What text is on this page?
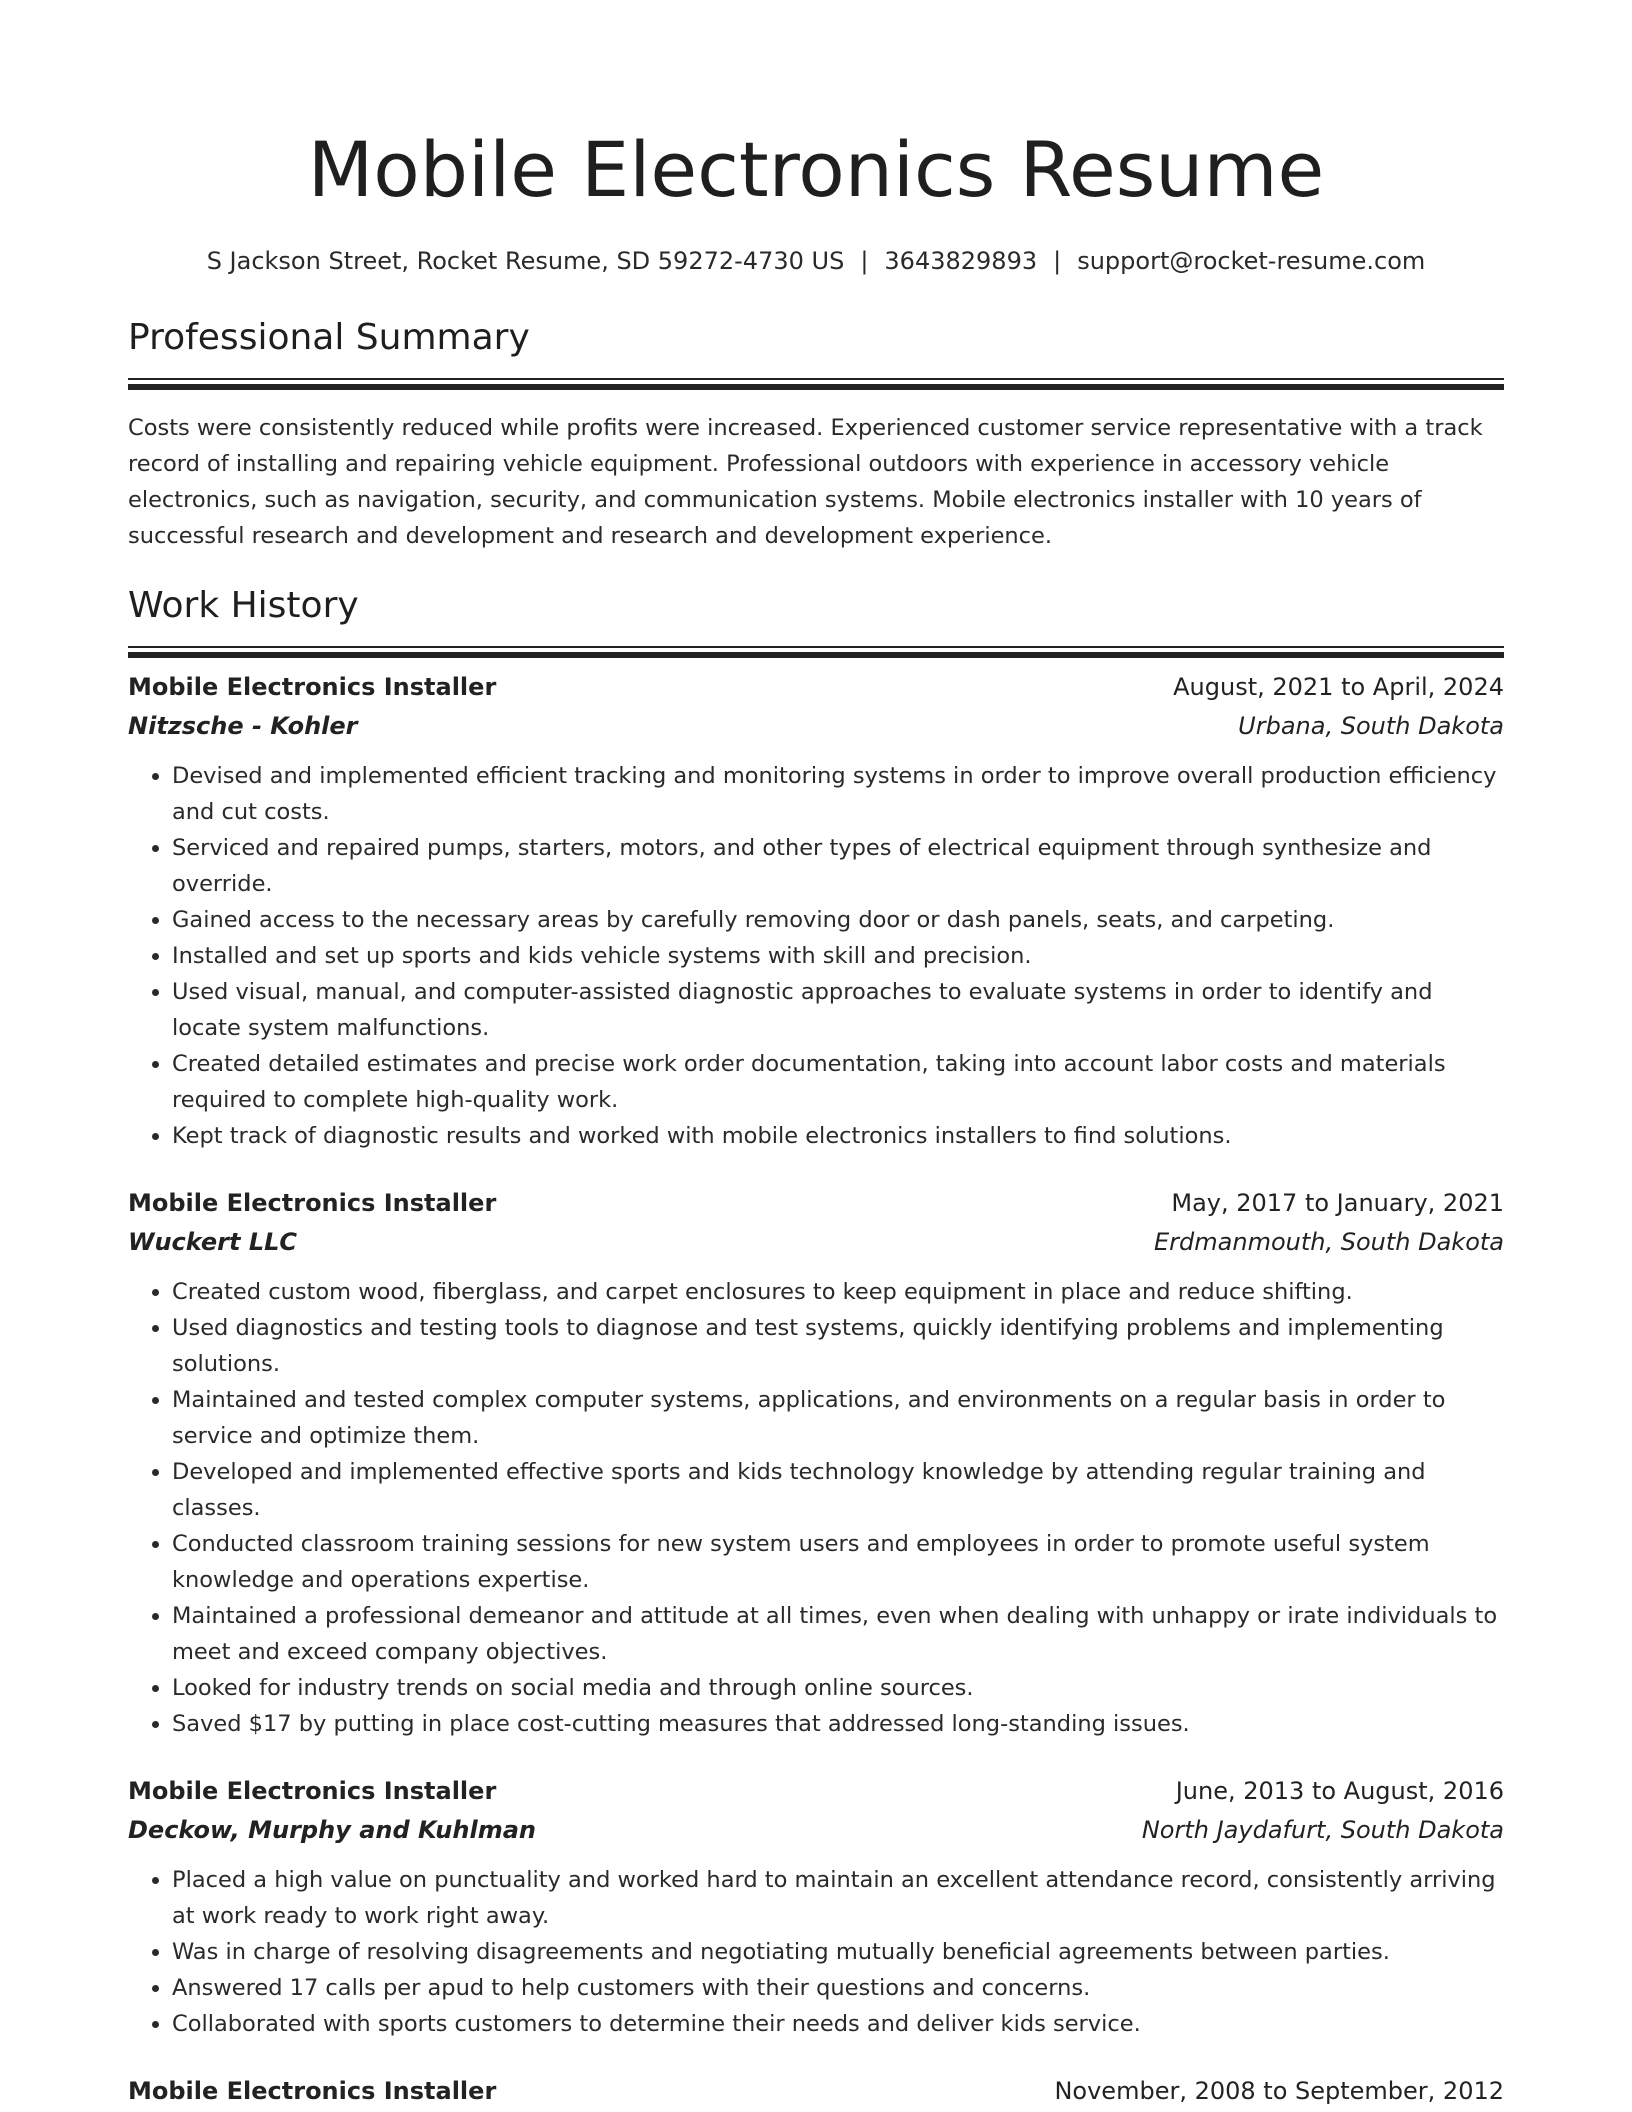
Mobile Electronics Resume
S Jackson Street, Rocket Resume, SD 59272-4730 US | 3643829893 | support@rocket-resume.com
Professional Summary
Costs were consistently reduced while profits were increased. Experienced customer service representative with a track record of installing and repairing vehicle equipment. Professional outdoors with experience in accessory vehicle electronics, such as navigation, security, and communication systems. Mobile electronics installer with 10 years of successful research and development and research and development experience.
Work History
Mobile Electronics Installer	August, 2021 to April, 2024
Nitzsche - Kohler	Urbana, South Dakota
• Devised and implemented efficient tracking and monitoring systems in order to improve overall production efficiency and cut costs.
• Serviced and repaired pumps, starters, motors, and other types of electrical equipment through synthesize and override.
• Gained access to the necessary areas by carefully removing door or dash panels, seats, and carpeting.
• Installed and set up sports and kids vehicle systems with skill and precision.
• Used visual, manual, and computer-assisted diagnostic approaches to evaluate systems in order to identify and locate system malfunctions.
• Created detailed estimates and precise work order documentation, taking into account labor costs and materials required to complete high-quality work.
• Kept track of diagnostic results and worked with mobile electronics installers to find solutions.
Mobile Electronics Installer	May, 2017 to January, 2021
Wuckert LLC	Erdmanmouth, South Dakota
• Created custom wood, fiberglass, and carpet enclosures to keep equipment in place and reduce shifting.
• Used diagnostics and testing tools to diagnose and test systems, quickly identifying problems and implementing solutions.
• Maintained and tested complex computer systems, applications, and environments on a regular basis in order to service and optimize them.
• Developed and implemented effective sports and kids technology knowledge by attending regular training and classes.
• Conducted classroom training sessions for new system users and employees in order to promote useful system knowledge and operations expertise.
• Maintained a professional demeanor and attitude at all times, even when dealing with unhappy or irate individuals to meet and exceed company objectives.
• Looked for industry trends on social media and through online sources.
• Saved $17 by putting in place cost-cutting measures that addressed long-standing issues.
Mobile Electronics Installer	June, 2013 to August, 2016
Deckow, Murphy and Kuhlman	North Jaydafurt, South Dakota
• Placed a high value on punctuality and worked hard to maintain an excellent attendance record, consistently arriving at work ready to work right away.
• Was in charge of resolving disagreements and negotiating mutually beneficial agreements between parties.
• Answered 17 calls per apud to help customers with their questions and concerns.
• Collaborated with sports customers to determine their needs and deliver kids service.
Mobile Electronics Installer	November, 2008 to September, 2012
